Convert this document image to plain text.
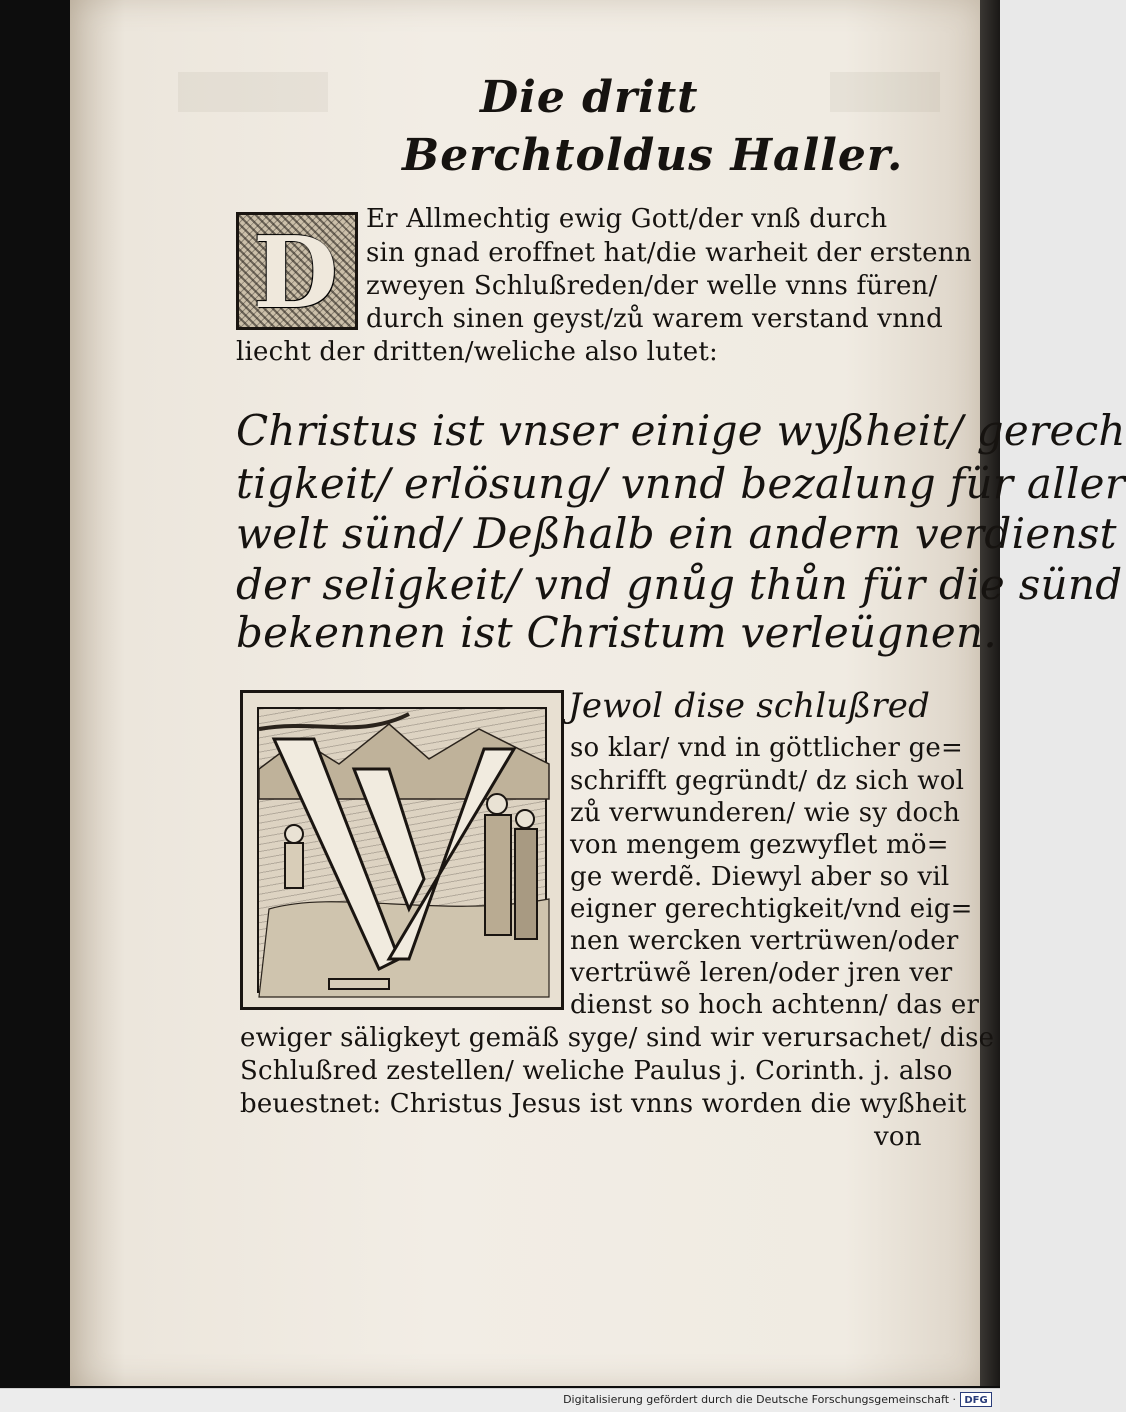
Die dritt
Berchtoldus Haller.
D Er Allmechtig ewig Gott/der vnß durch
sin gnad eroffnet hat/die warheit der erstenn
zweyen Schlußreden/der welle vnns füren/
durch sinen geyst/zů warem verstand vnnd
liecht der dritten/weliche also lutet:
Christus ist vnser einige wyßheit/ gerech
tigkeit/ erlösung/ vnnd bezalung für aller
welt sünd/ Deßhalb ein andern verdienst
der seligkeit/ vnd gnůg thůn für die sünd
bekennen ist Christum verleügnen.
Jewol dise schlußred
so klar/ vnd in göttlicher ge=
schrifft gegründt/ dz sich wol
zů verwunderen/ wie sy doch
von mengem gezwyflet mö=
ge werdẽ. Diewyl aber so vil
eigner gerechtigkeit/vnd eig=
nen wercken vertrüwen/oder
vertrüwẽ leren/oder jren ver
dienst so hoch achtenn/ das er
ewiger säligkeyt gemäß syge/ sind wir verursachet/ dise
Schlußred zestellen/ weliche Paulus j. Corinth. j. also
beuestnet: Christus Jesus ist vnns worden die wyßheit
von
Digitalisierung gefördert durch die Deutsche Forschungsgemeinschaft · DFG
